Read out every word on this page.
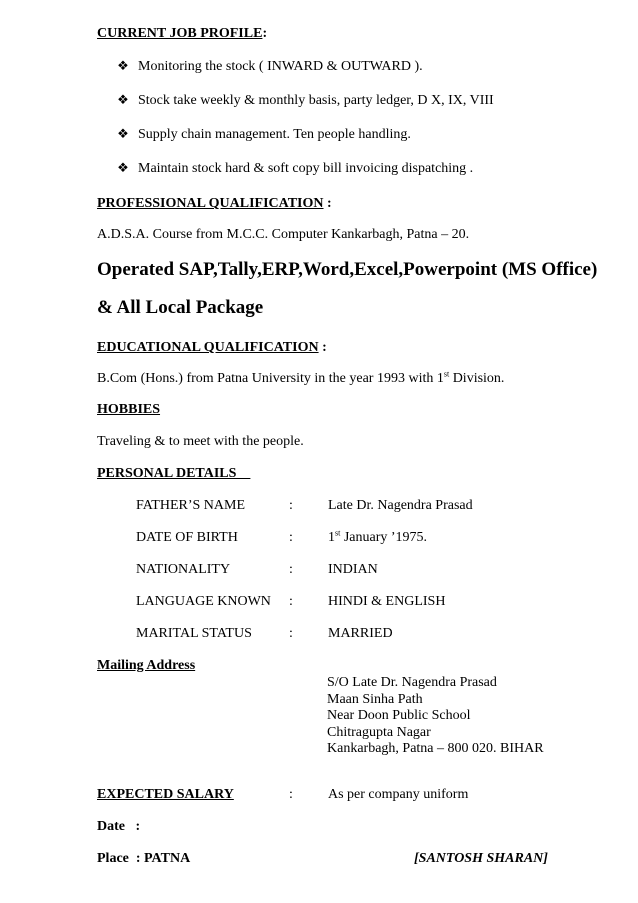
CURRENT JOB PROFILE:
❖ Monitoring the stock ( INWARD & OUTWARD ).
❖ Stock take weekly & monthly basis, party ledger, D X, IX, VIII
❖ Supply chain management. Ten people handling.
❖ Maintain stock hard & soft copy bill invoicing dispatching .
PROFESSIONAL QUALIFICATION :
A.D.S.A. Course from M.C.C. Computer Kankarbagh, Patna – 20.
Operated SAP,Tally,ERP,Word,Excel,Powerpoint (MS Office)
& All Local Package
EDUCATIONAL QUALIFICATION :
B.Com (Hons.) from Patna University in the year 1993 with 1st Division.
HOBBIES
Traveling & to meet with the people.
PERSONAL DETAILS
FATHER’S NAME	:	Late Dr. Nagendra Prasad
DATE OF BIRTH	:	1st January ’1975.
NATIONALITY	:	INDIAN
LANGUAGE KNOWN :	HINDI & ENGLISH
MARITAL STATUS	:	MARRIED
Mailing Address
S/O Late Dr. Nagendra Prasad
Maan Sinha Path
Near Doon Public School
Chitragupta Nagar
Kankarbagh, Patna – 800 020. BIHAR
EXPECTED SALARY	:	As per company uniform
Date   :
Place  : PATNA	[SANTOSH SHARAN]
